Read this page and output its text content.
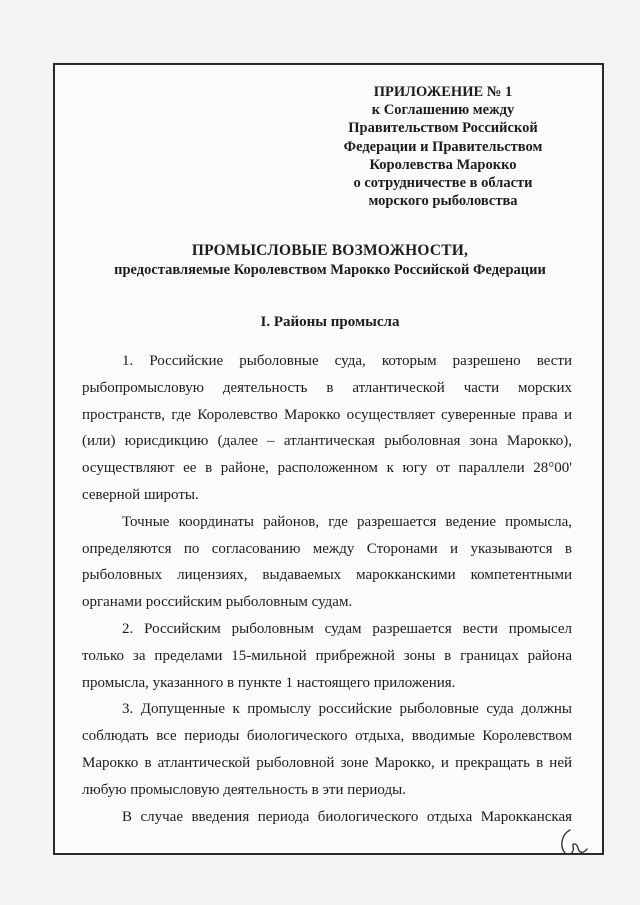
ПРИЛОЖЕНИЕ № 1
к Соглашению между
Правительством Российской
Федерации и Правительством
Королевства Марокко
о сотрудничестве в области
морского рыболовства
ПРОМЫСЛОВЫЕ ВОЗМОЖНОСТИ,
предоставляемые Королевством Марокко Российской Федерации
I. Районы промысла

1. Российские рыболовные суда, которым разрешено вести рыбопромысловую деятельность в атлантической части морских пространств, где Королевство Марокко осуществляет суверенные права и (или) юрисдикцию (далее – атлантическая рыболовная зона Марокко), осуществляют ее в районе, расположенном к югу от параллели 28°00' северной широты.

Точные координаты районов, где разрешается ведение промысла, определяются по согласованию между Сторонами и указываются в рыболовных лицензиях, выдаваемых марокканскими компетентными органами российским рыболовным судам.

2. Российским рыболовным судам разрешается вести промысел только за пределами 15-мильной прибрежной зоны в границах района промысла, указанного в пункте 1 настоящего приложения.

3. Допущенные к промыслу российские рыболовные суда должны соблюдать все периоды биологического отдыха, вводимые Королевством Марокко в атлантической рыболовной зоне Марокко, и прекращать в ней любую промысловую деятельность в эти периоды.

В случае введения периода биологического отдыха Марокканская
